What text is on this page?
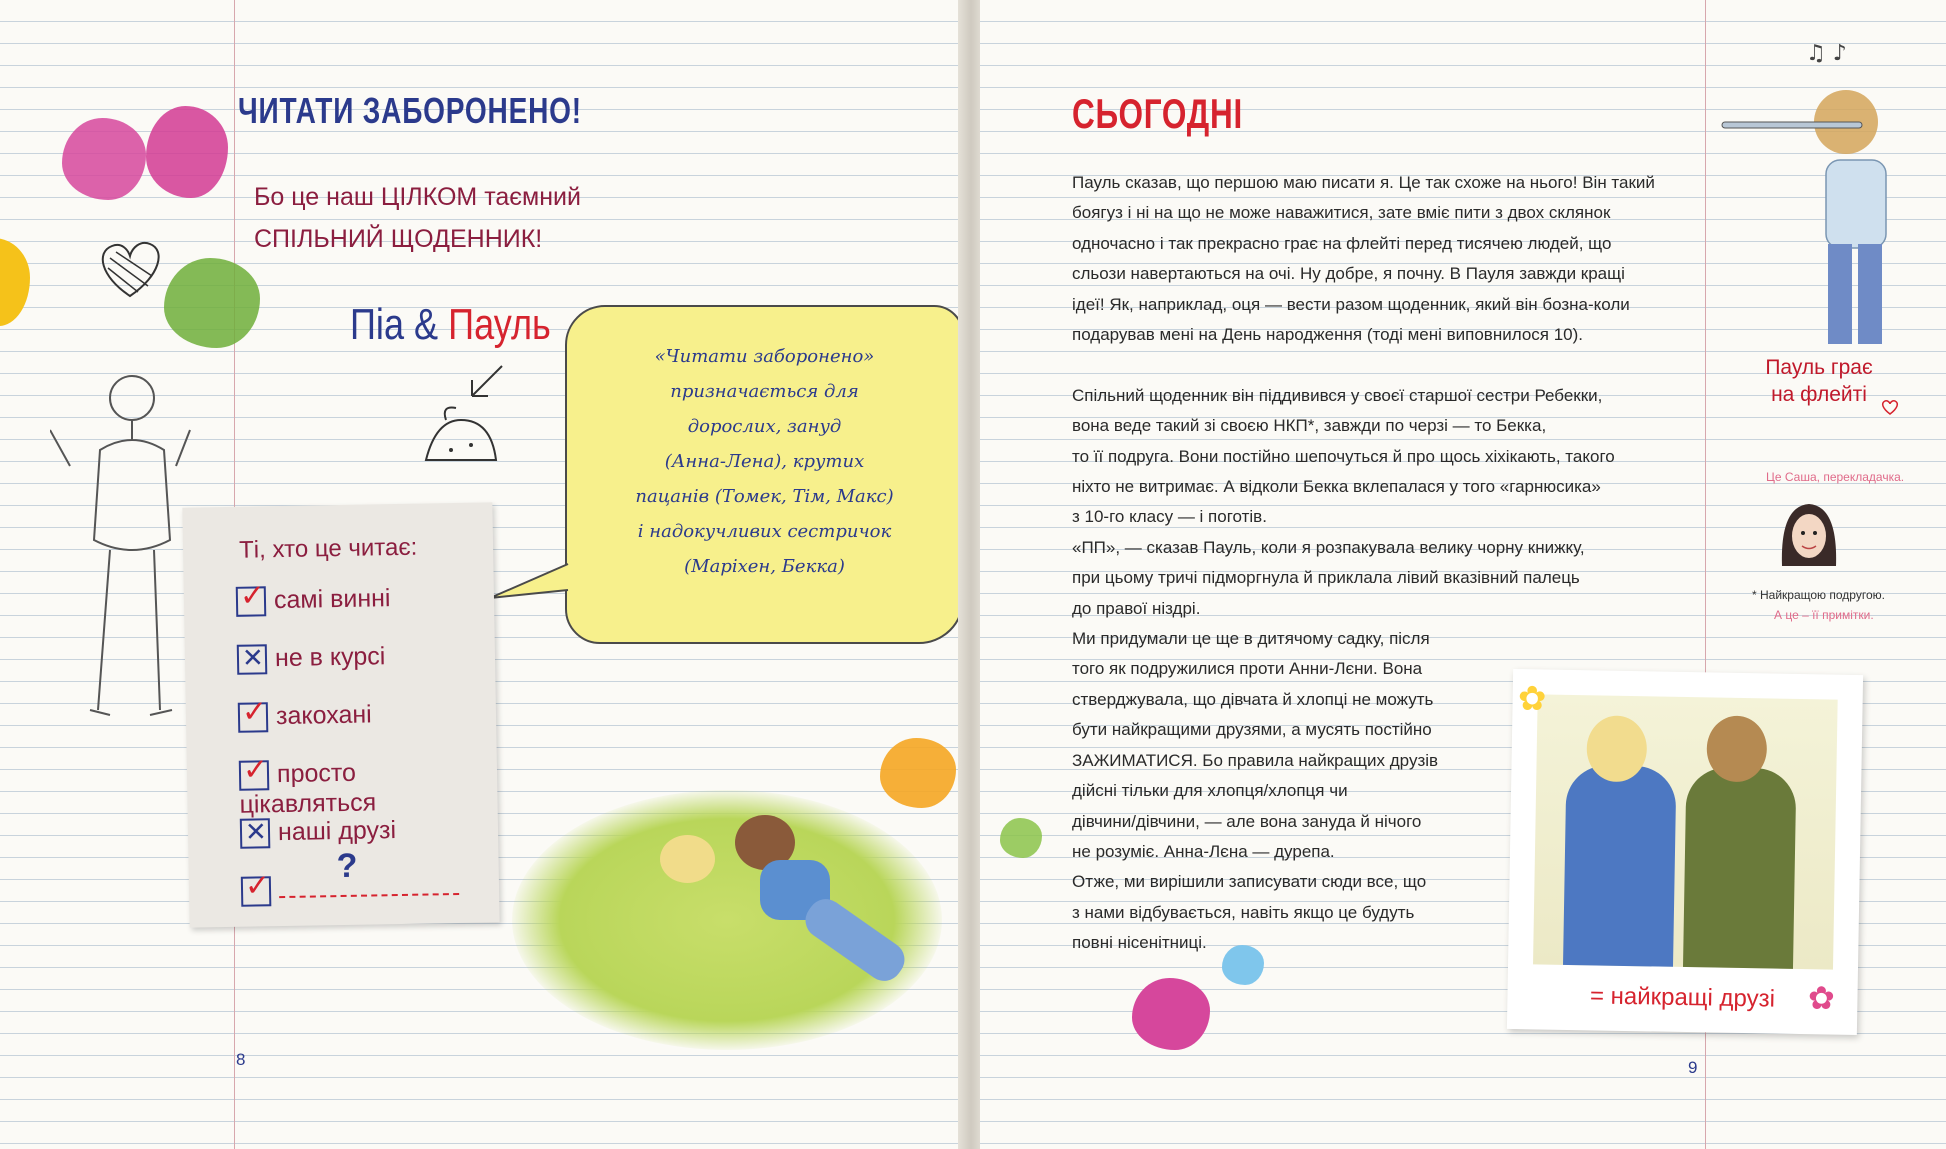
ЧИТАТИ ЗАБОРОНЕНО!
Бо це наш ЦІЛКОМ таємний
СПІЛЬНИЙ ЩОДЕННИК!
Піа & Пауль
«Читати заборонено»
призначається для
дорослих, зануд
(Анна-Лена), крутих
пацанів (Томек, Тім, Макс)
і надокучливих сестричок
(Маріхен, Бекка)
Ті, хто це читає:
✓ самі винні
✕ не в курсі
✓ закохані
✓ просто цікавляться
✕ наші друзі
✓
?
8
СЬОГОДНІ

Пауль сказав, що першою маю писати я. Це так схоже на нього! Він такий

боягуз і ні на що не може наважитися, зате вміє пити з двох склянок

одночасно і так прекрасно грає на флейті перед тисячею людей, що

сльози навертаються на очі. Ну добре, я почну. В Пауля завжди кращі

ідеї! Як, наприклад, оця — вести разом щоденник, який він бозна-коли

подарував мені на День народження (тоді мені виповнилося 10).

Спільний щоденник він піддивився у своєї старшої сестри Ребекки,

вона веде такий зі своєю НКП*, завжди по черзі — то Бекка,

то її подруга. Вони постійно шепочуться й про щось хіхікають, такого

ніхто не витримає. А відколи Бекка вклепалася у того «гарнюсика»

з 10-го класу — і поготів.

«ПП», — сказав Пауль, коли я розпакувала велику чорну книжку,

при цьому тричі підморгнула й приклала лівий вказівний палець

до правої ніздрі.

Ми придумали це ще в дитячому садку, після

того як подружилися проти Анни-Лєни. Вона

стверджувала, що дівчата й хлопці не можуть

бути найкращими друзями, а мусять постійно

ЗАЖИМАТИСЯ. Бо правила найкращих друзів

дійсні тільки для хлопця/хлопця чи

дівчини/дівчини, — але вона зануда й нічого

не розуміє. Анна-Лєна — дурепа.

Отже, ми вирішили записувати сюди все, що

з нами відбувається, навіть якщо це будуть

повні нісенітниці.

♫ ♪
Пауль грає
на флейті
Це Саша, перекладачка.
* Найкращою подругою.
А це – її примітки.
= найкращі друзі
✿
✿
9
